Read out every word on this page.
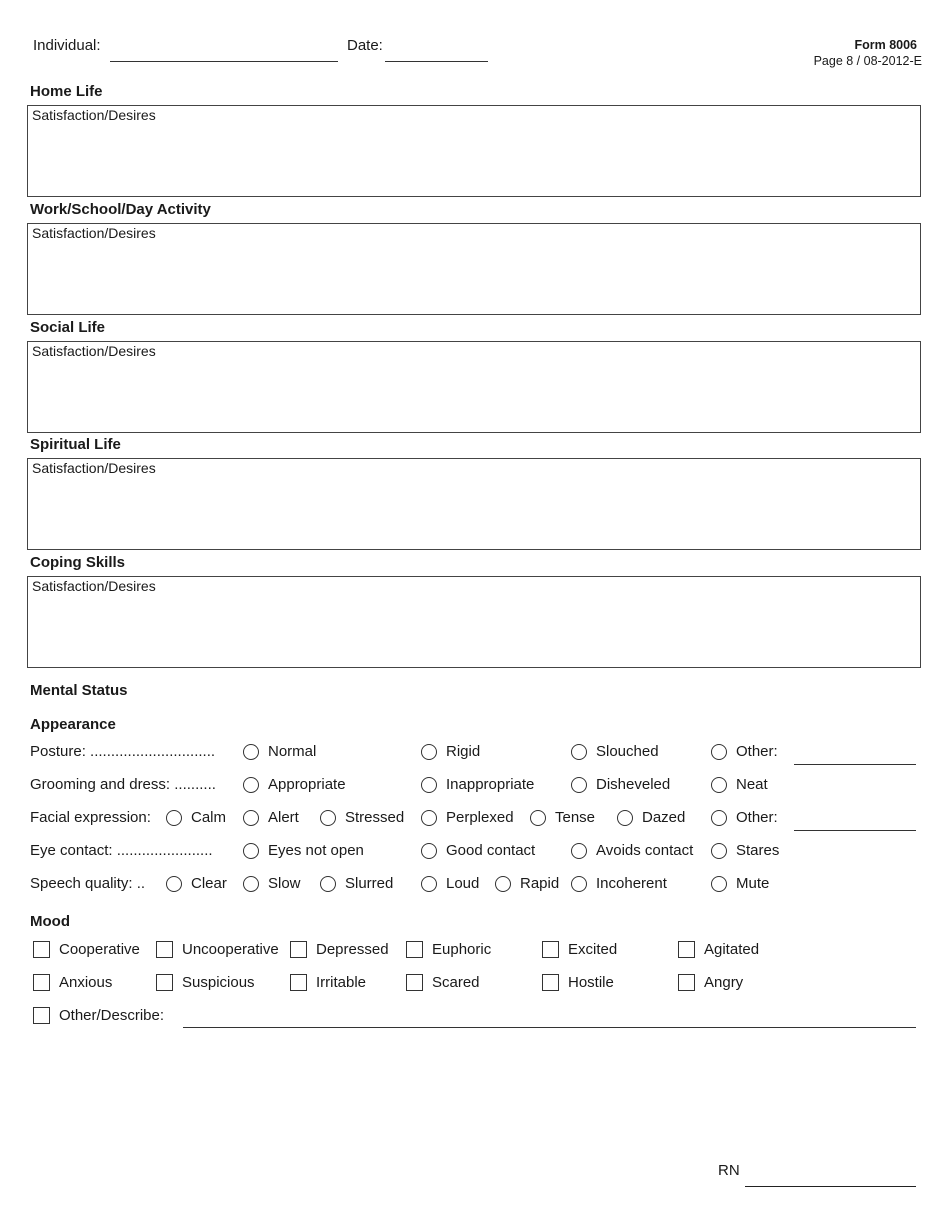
Individual:	Date:	Form 8006
Page 8 / 08-2012-E
Home Life
Satisfaction/Desires
Work/School/Day Activity
Satisfaction/Desires
Social Life
Satisfaction/Desires
Spiritual Life
Satisfaction/Desires
Coping Skills
Satisfaction/Desires
Mental Status
Appearance
Posture: ..............................	Normal	Rigid	Slouched	Other:
Grooming and dress: ..........	Appropriate	Inappropriate	Disheveled	Neat
Facial expression:	Calm	Alert	Stressed	Perplexed	Tense	Dazed	Other:
Eye contact: .......................	Eyes not open	Good contact	Avoids contact	Stares
Speech quality: ..	Clear	Slow	Slurred	Loud	Rapid Incoherent	Mute
Mood
Cooperative	Uncooperative Depressed	Euphoric	Excited	Agitated
Anxious	Suspicious	Irritable	Scared	Hostile	Angry
Other/Describe:
RN
